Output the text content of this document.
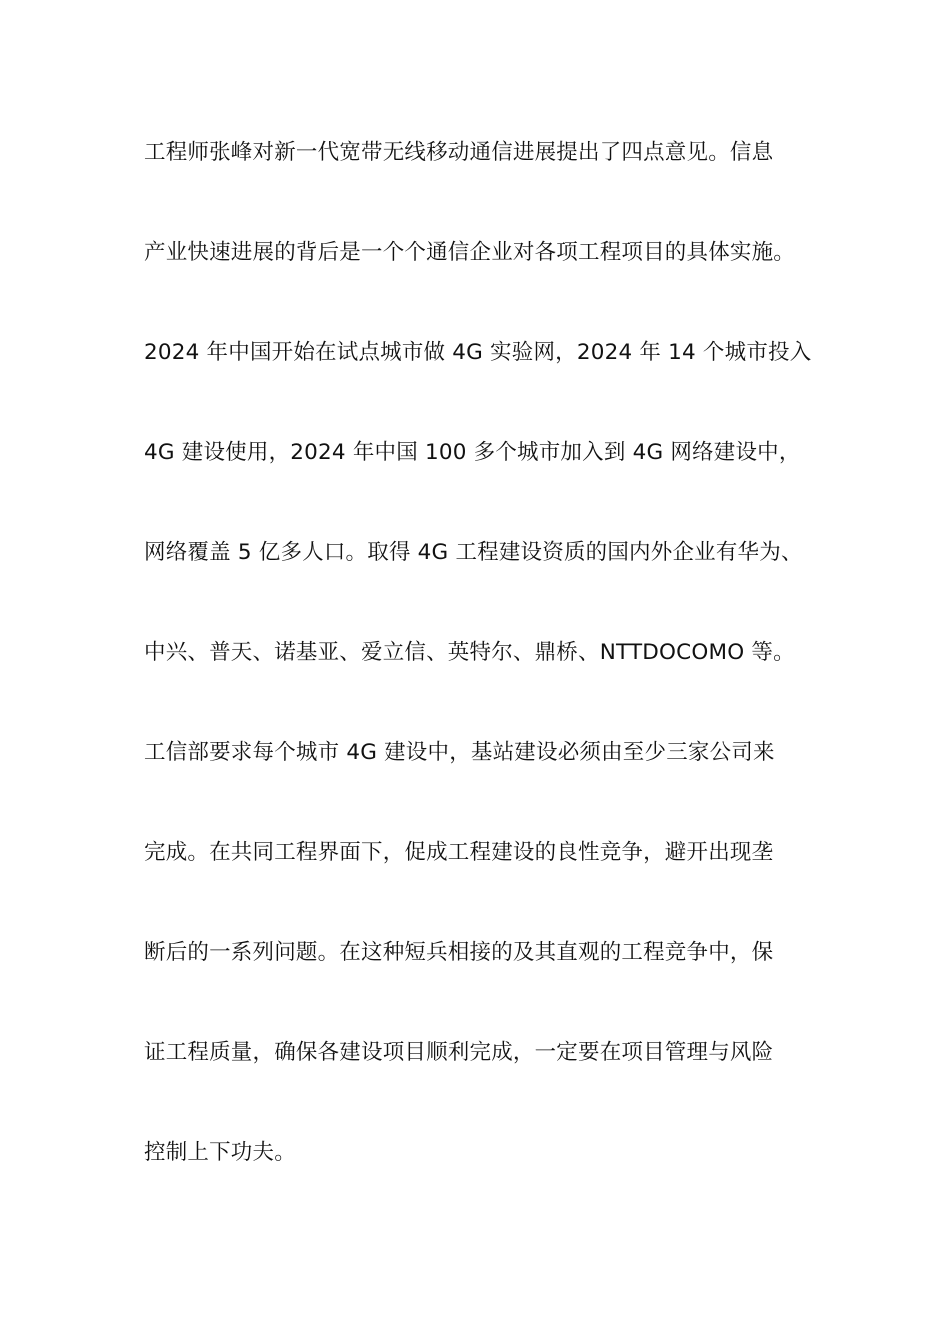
工程师张峰对新一代宽带无线移动通信进展提出了四点意见。信息
产业快速进展的背后是一个个通信企业对各项工程项目的具体实施。
2024 年中国开始在试点城市做 4G 实验网，2024 年 14 个城市投入
4G 建设使用，2024 年中国 100 多个城市加入到 4G 网络建设中，
网络覆盖 5 亿多人口。取得 4G 工程建设资质的国内外企业有华为、
中兴、普天、诺基亚、爱立信、英特尔、鼎桥、NTTDOCOMO 等。
工信部要求每个城市 4G 建设中，基站建设必须由至少三家公司来
完成。在共同工程界面下，促成工程建设的良性竞争，避开出现垄
断后的一系列问题。在这种短兵相接的及其直观的工程竞争中，保
证工程质量，确保各建设项目顺利完成，一定要在项目管理与风险
控制上下功夫。
